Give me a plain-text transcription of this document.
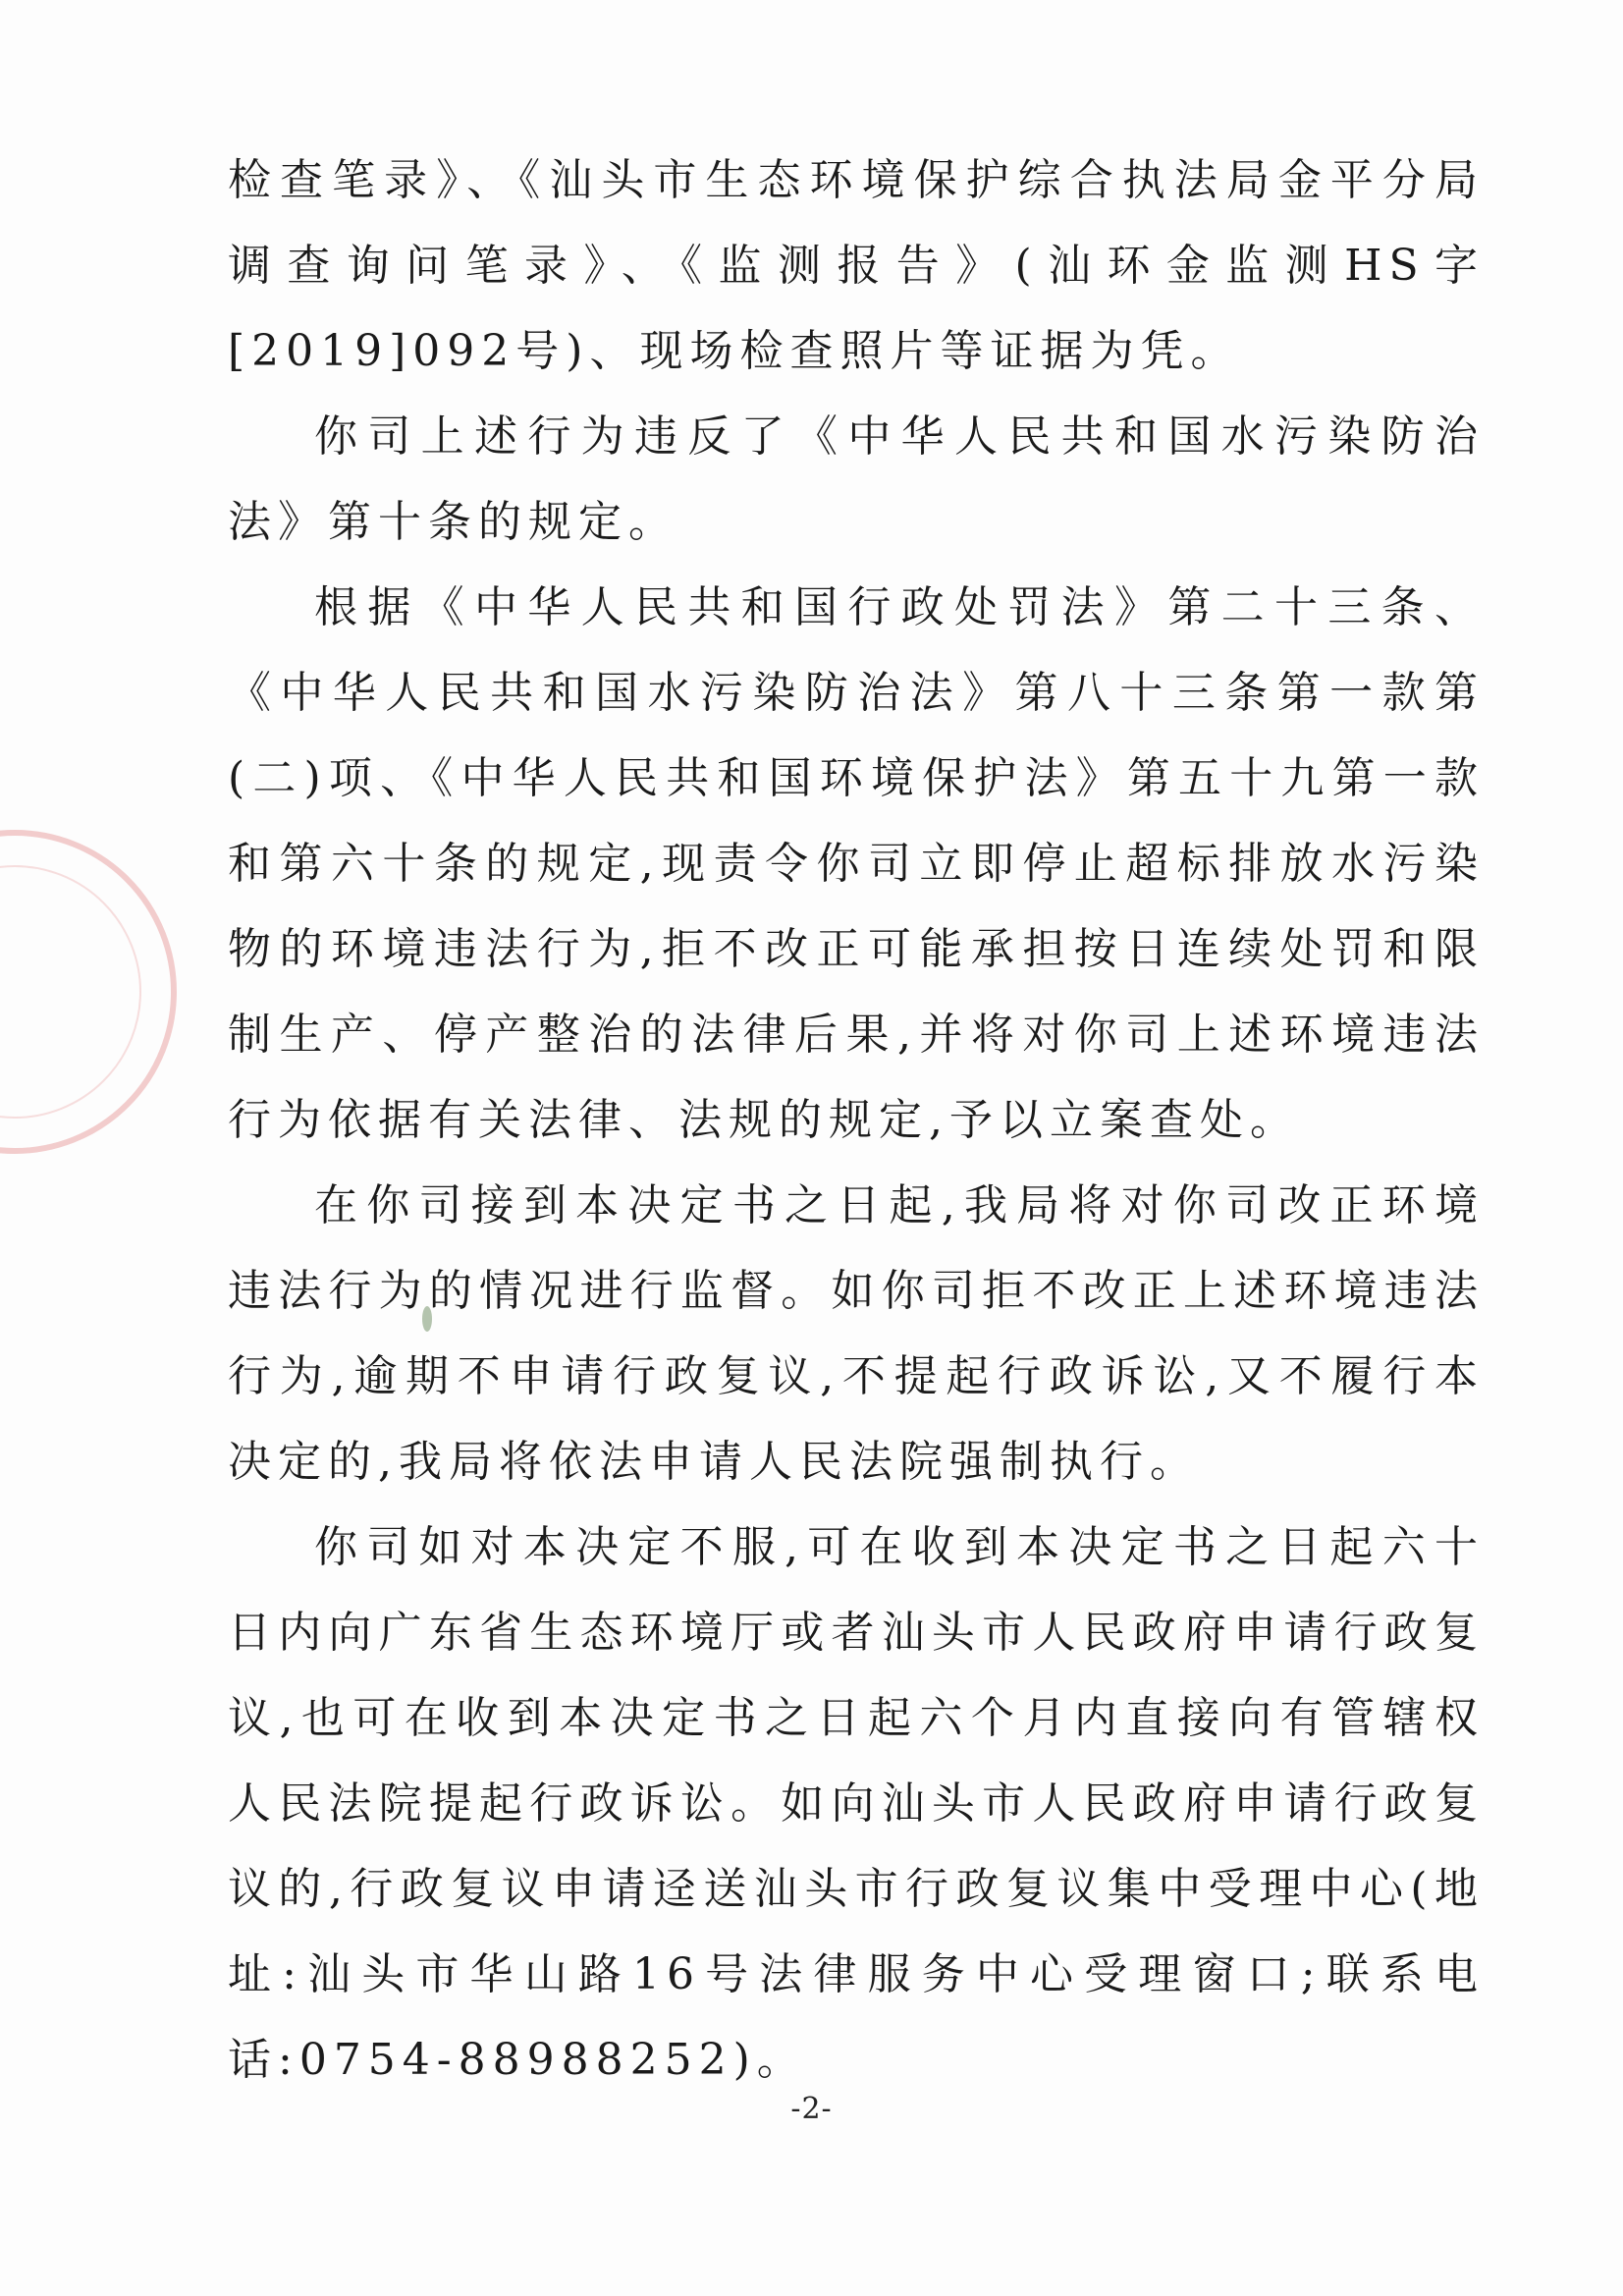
检查笔录》、《汕头市生态环境保护综合执法局金平分局调查询问笔录》、《监测报告》(汕环金监测HS字[2019]092号)、现场检查照片等证据为凭。

你司上述行为违反了《中华人民共和国水污染防治法》第十条的规定。

根据《中华人民共和国行政处罚法》第二十三条、《中华人民共和国水污染防治法》第八十三条第一款第(二)项、《中华人民共和国环境保护法》第五十九第一款和第六十条的规定,现责令你司立即停止超标排放水污染物的环境违法行为,拒不改正可能承担按日连续处罚和限制生产、停产整治的法律后果,并将对你司上述环境违法行为依据有关法律、法规的规定,予以立案查处。

在你司接到本决定书之日起,我局将对你司改正环境违法行为的情况进行监督。如你司拒不改正上述环境违法行为,逾期不申请行政复议,不提起行政诉讼,又不履行本决定的,我局将依法申请人民法院强制执行。

你司如对本决定不服,可在收到本决定书之日起六十日内向广东省生态环境厅或者汕头市人民政府申请行政复议,也可在收到本决定书之日起六个月内直接向有管辖权人民法院提起行政诉讼。如向汕头市人民政府申请行政复议的,行政复议申请迳送汕头市行政复议集中受理中心(地址:汕头市华山路16号法律服务中心受理窗口;联系电话:0754-88988252)。

-2-
